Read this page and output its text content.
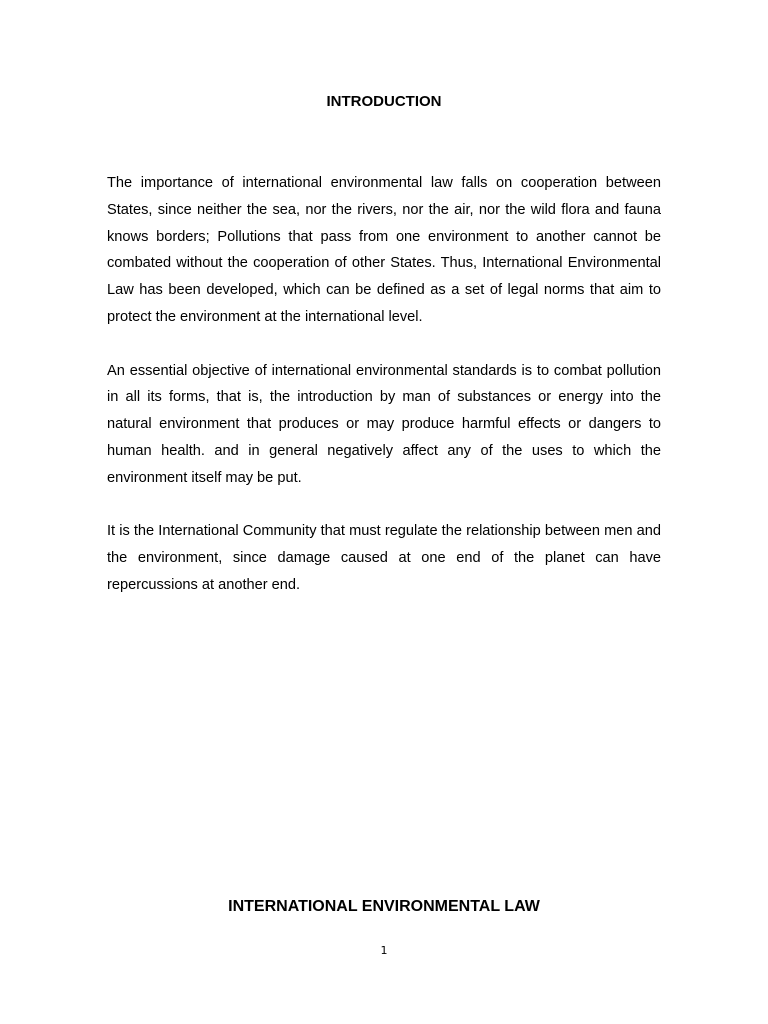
INTRODUCTION

The importance of international environmental law falls on cooperation between States, since neither the sea, nor the rivers, nor the air, nor the wild flora and fauna knows borders; Pollutions that pass from one environment to another cannot be combated without the cooperation of other States. Thus, International Environmental Law has been developed, which can be defined as a set of legal norms that aim to protect the environment at the international level.

An essential objective of international environmental standards is to combat pollution in all its forms, that is, the introduction by man of substances or energy into the natural environment that produces or may produce harmful effects or dangers to human health. and in general negatively affect any of the uses to which the environment itself may be put.

It is the International Community that must regulate the relationship between men and the environment, since damage caused at one end of the planet can have repercussions at another end.

INTERNATIONAL ENVIRONMENTAL LAW
1
